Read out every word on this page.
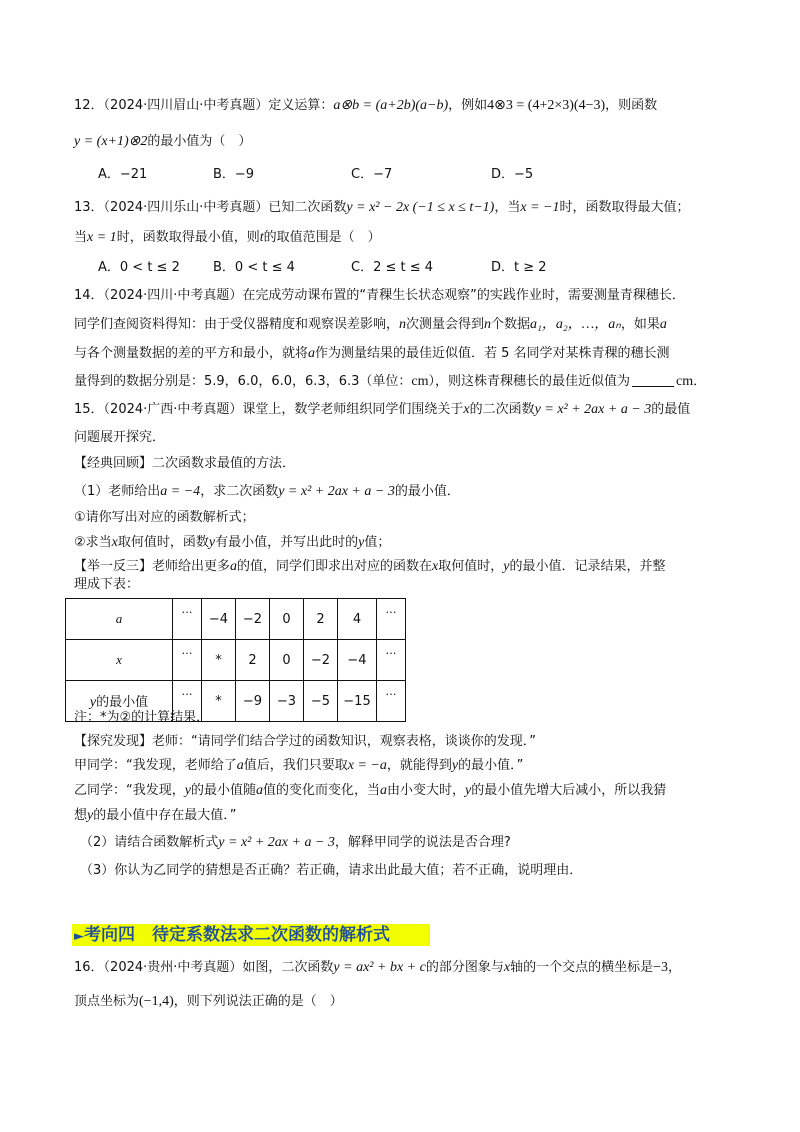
12．（2024·四川眉山·中考真题）定义运算：a⊗b = (a+2b)(a−b)，例如4⊗3 = (4+2×3)(4−3)，则函数
y = (x+1)⊗2的最小值为（　）
A．−21	B．−9	C．−7	D．−5
13．（2024·四川乐山·中考真题）已知二次函数y = x² − 2x (−1 ≤ x ≤ t−1)，当x = −1时，函数取得最大值；
当x = 1时，函数取得最小值，则t的取值范围是（　）
A．0 < t ≤ 2	B．0 < t ≤ 4	C．2 ≤ t ≤ 4	D．t ≥ 2
14．（2024·四川·中考真题）在完成劳动课布置的“青稞生长状态观察”的实践作业时，需要测量青稞穗长．
同学们查阅资料得知：由于受仪器精度和观察误差影响，n次测量会得到n个数据a₁，a₂，…，aₙ，如果a
与各个测量数据的差的平方和最小，就将a作为测量结果的最佳近似值．若 5 名同学对某株青稞的穗长测
量得到的数据分别是：5.9，6.0，6.0，6.3，6.3（单位：cm），则这株青稞穗长的最佳近似值为	cm．
15．（2024·广西·中考真题）课堂上，数学老师组织同学们围绕关于x的二次函数y = x² + 2ax + a − 3的最值
问题展开探究．
【经典回顾】二次函数求最值的方法．
（1）老师给出a = −4，求二次函数y = x² + 2ax + a − 3的最小值．
①请你写出对应的函数解析式；
②求当x取何值时，函数y有最小值，并写出此时的y值；
【举一反三】老师给出更多a的值，同学们即求出对应的函数在x取何值时，y的最小值．记录结果，并整
理成下表：
a	…	−4	−2	0	2	4	…
x	…	*	2	0	−2	−4	…
y的最小值	…	*	−9	−3	−5	−15	…
注：*为②的计算结果．
【探究发现】老师：“请同学们结合学过的函数知识，观察表格，谈谈你的发现．”
甲同学：“我发现，老师给了a值后，我们只要取x = −a，就能得到y的最小值．”
乙同学：“我发现，y的最小值随a值的变化而变化，当a由小变大时，y的最小值先增大后减小，所以我猜
想y的最小值中存在最大值．”
（2）请结合函数解析式y = x² + 2ax + a − 3，解释甲同学的说法是否合理?
（3）你认为乙同学的猜想是否正确？若正确，请求出此最大值；若不正确，说明理由．
►考向四　待定系数法求二次函数的解析式
16．（2024·贵州·中考真题）如图，二次函数y = ax² + bx + c的部分图象与x轴的一个交点的横坐标是−3，
顶点坐标为(−1,4)，则下列说法正确的是（　）
